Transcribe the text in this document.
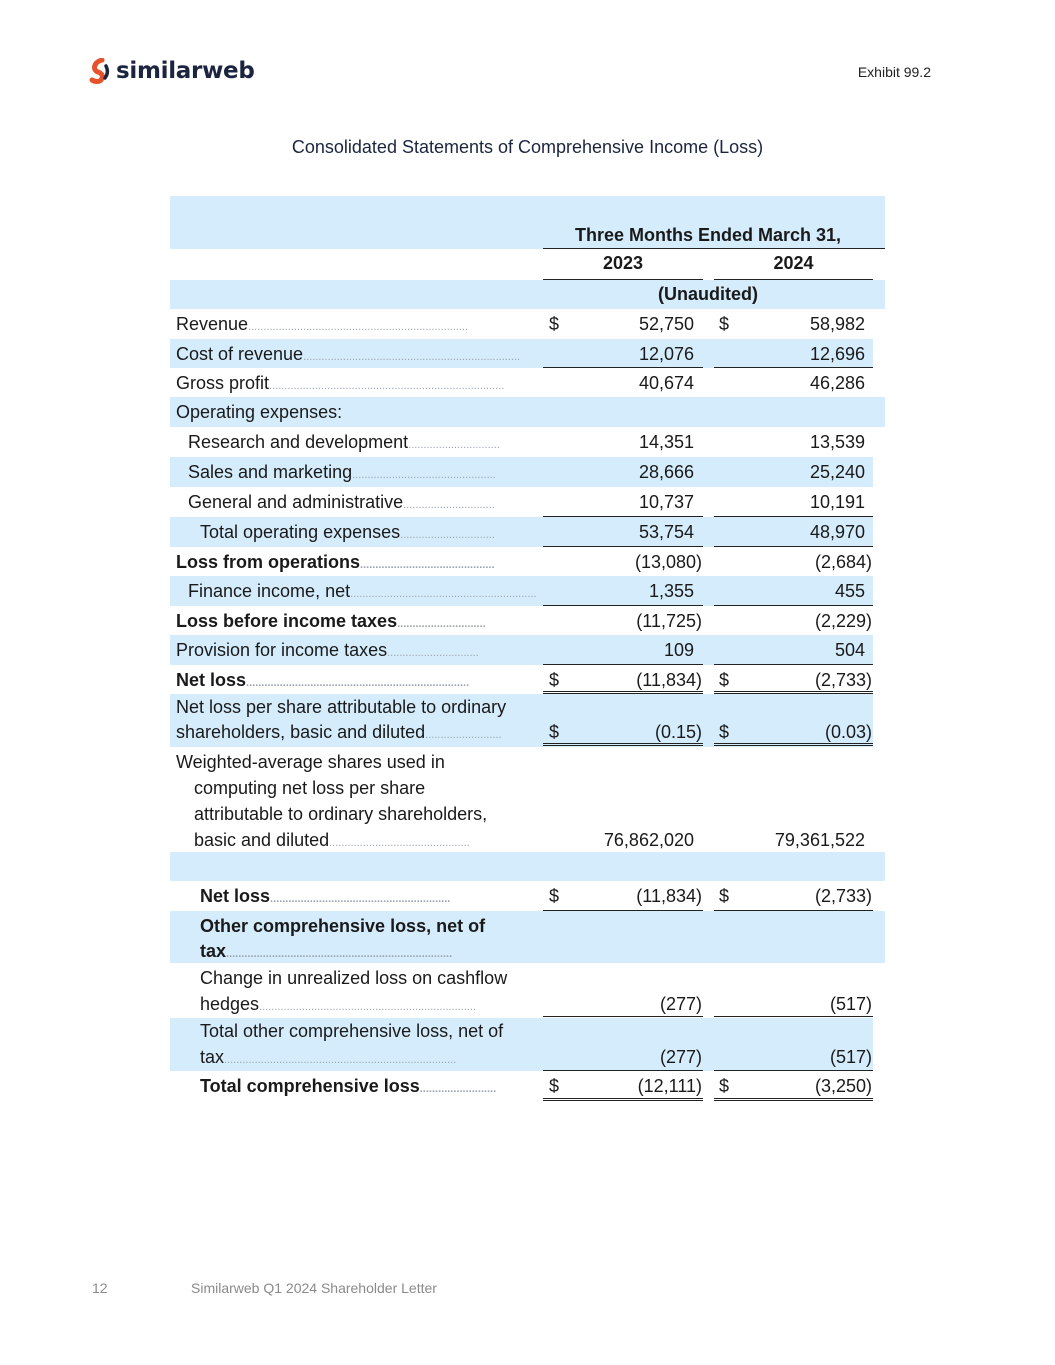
similarweb	Exhibit 99.2
Consolidated Statements of Comprehensive Income (Loss)
Three Months Ended March 31,
2023	2024
(Unaudited)
Revenue........................................................................	$	52,750 $	58,982
Cost of revenue.......................................................................	12,076	12,696
Gross profit.............................................................................	40,674	46,286
Operating expenses:
Research and development..............................	14,351	13,539
Sales and marketing...............................................	28,666	25,240
General and administrative..............................	10,737	10,191
Total operating expenses...............................	53,754	48,970
Loss from operations............................................	(13,080)	(2,684)
Finance income, net.............................................................	1,355	455
Loss before income taxes.............................	(11,725)	(2,229)
Provision for income taxes..............................	109	504
Net loss.........................................................................	$	(11,834) $	(2,733)
Net loss per share attributable to ordinary
shareholders, basic and diluted.........................	$	(0.15) $	(0.03)
Weighted-average shares used in
computing net loss per share
attributable to ordinary shareholders,
basic and diluted..............................................	76,862,020	79,361,522
Net loss...........................................................	$	(11,834) $	(2,733)
Other comprehensive loss, net of
tax..........................................................................
Change in unrealized loss on cashflow
hedges.......................................................................	(277)	(517)
Total other comprehensive loss, net of
tax............................................................................	(277)	(517)
Total comprehensive loss.........................	$	(12,111) $	(3,250)
12	Similarweb Q1 2024 Shareholder Letter
